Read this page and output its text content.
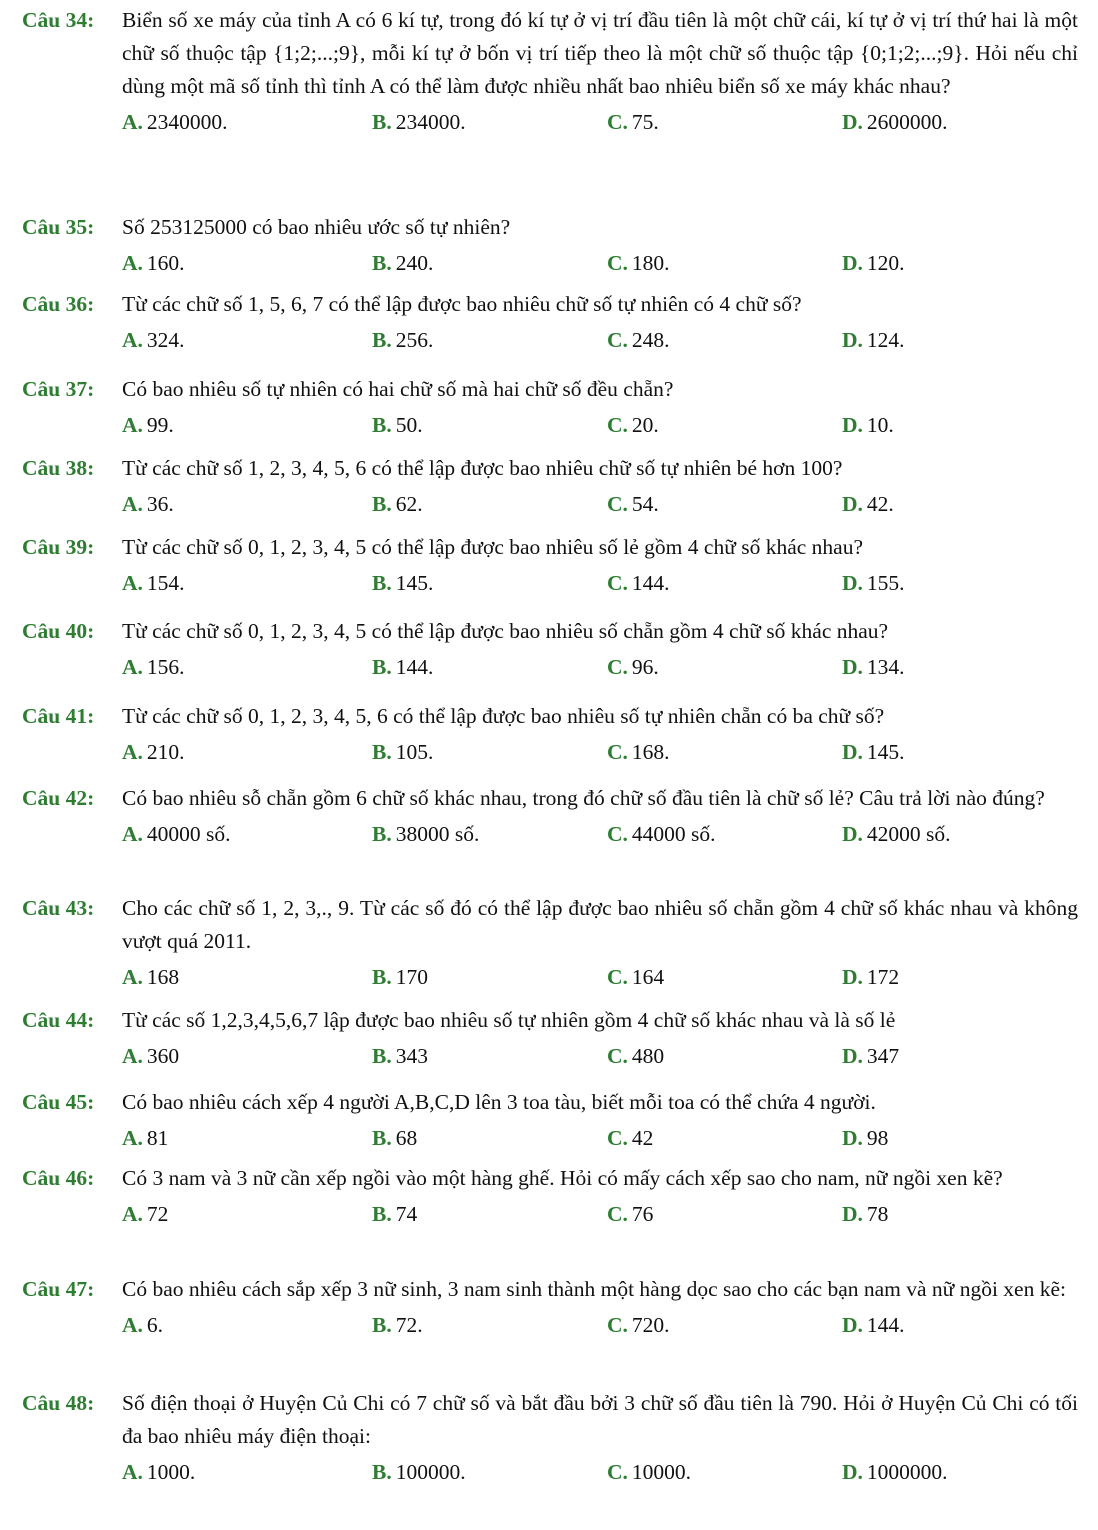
Câu 34: Biển số xe máy của tỉnh A có 6 kí tự, trong đó kí tự ở vị trí đầu tiên là một chữ cái, kí tự ở vị trí thứ hai là một chữ số thuộc tập {1;2;...;9}, mỗi kí tự ở bốn vị trí tiếp theo là một chữ số thuộc tập {0;1;2;...;9}. Hỏi nếu chỉ dùng một mã số tỉnh thì tỉnh A có thể làm được nhiều nhất bao nhiêu biển số xe máy khác nhau?
A. 2340000.	B. 234000.	C. 75.	D. 2600000.
Câu 35: Số 253125000 có bao nhiêu ước số tự nhiên?
A. 160.	B. 240.	C. 180.	D. 120.
Câu 36: Từ các chữ số 1, 5, 6, 7 có thể lập được bao nhiêu chữ số tự nhiên có 4 chữ số?
A. 324.	B. 256.	C. 248.	D. 124.
Câu 37: Có bao nhiêu số tự nhiên có hai chữ số mà hai chữ số đều chẵn?
A. 99.	B. 50.	C. 20.	D. 10.
Câu 38: Từ các chữ số 1, 2, 3, 4, 5, 6 có thể lập được bao nhiêu chữ số tự nhiên bé hơn 100?
A. 36.	B. 62.	C. 54.	D. 42.
Câu 39: Từ các chữ số 0, 1, 2, 3, 4, 5 có thể lập được bao nhiêu số lẻ gồm 4 chữ số khác nhau?
A. 154.	B. 145.	C. 144.	D. 155.
Câu 40: Từ các chữ số 0, 1, 2, 3, 4, 5 có thể lập được bao nhiêu số chẵn gồm 4 chữ số khác nhau?
A. 156.	B. 144.	C. 96.	D. 134.
Câu 41: Từ các chữ số 0, 1, 2, 3, 4, 5, 6 có thể lập được bao nhiêu số tự nhiên chẵn có ba chữ số?
A. 210.	B. 105.	C. 168.	D. 145.
Câu 42: Có bao nhiêu sỗ chẵn gồm 6 chữ số khác nhau, trong đó chữ số đầu tiên là chữ số lẻ? Câu trả lời nào đúng?
A. 40000 số.	B. 38000 số.	C. 44000 số.	D. 42000 số.
Câu 43: Cho các chữ số 1, 2, 3,., 9. Từ các số đó có thể lập được bao nhiêu số chẵn gồm 4 chữ số khác nhau và không vượt quá 2011.
A. 168	B. 170	C. 164	D. 172
Câu 44: Từ các số 1,2,3,4,5,6,7 lập được bao nhiêu số tự nhiên gồm 4 chữ số khác nhau và là số lẻ
A. 360	B. 343	C. 480	D. 347
Câu 45: Có bao nhiêu cách xếp 4 người A,B,C,D lên 3 toa tàu, biết mỗi toa có thể chứa 4 người.
A. 81	B. 68	C. 42	D. 98
Câu 46: Có 3 nam và 3 nữ cần xếp ngồi vào một hàng ghế. Hỏi có mấy cách xếp sao cho nam, nữ ngồi xen kẽ?
A. 72	B. 74	C. 76	D. 78
Câu 47: Có bao nhiêu cách sắp xếp 3 nữ sinh, 3 nam sinh thành một hàng dọc sao cho các bạn nam và nữ ngồi xen kẽ:
A. 6.	B. 72.	C. 720.	D. 144.
Câu 48: Số điện thoại ở Huyện Củ Chi có 7 chữ số và bắt đầu bởi 3 chữ số đầu tiên là 790. Hỏi ở Huyện Củ Chi có tối đa bao nhiêu máy điện thoại:
A. 1000.	B. 100000.	C. 10000.	D. 1000000.
